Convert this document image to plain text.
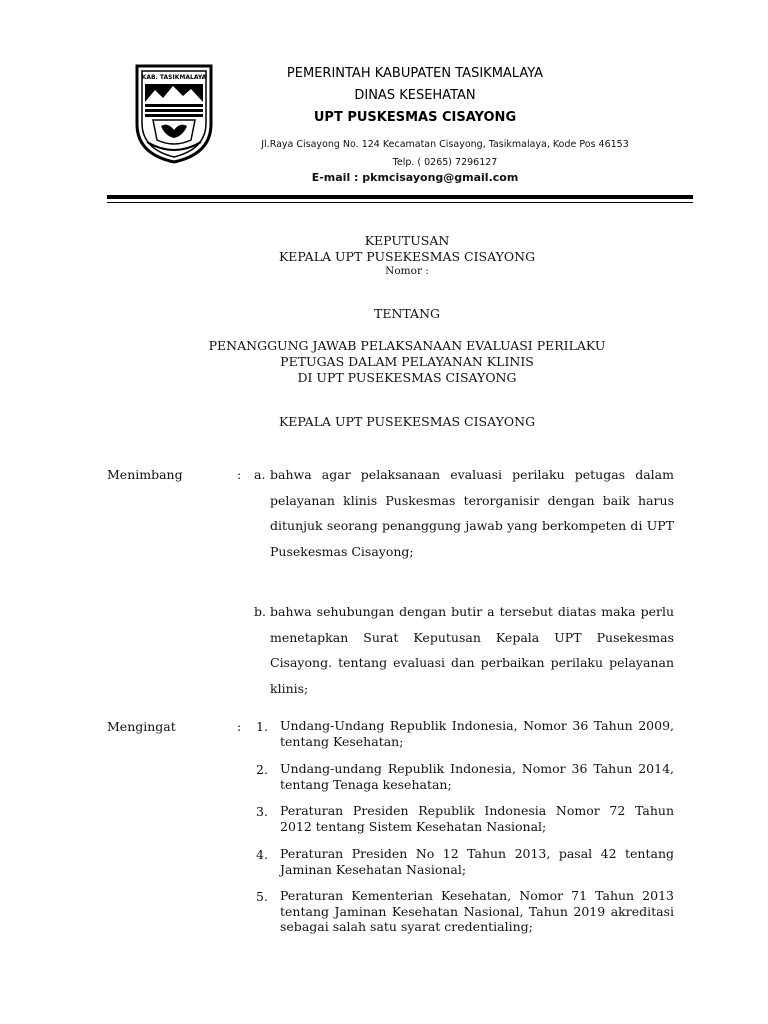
KAB. TASIKMALAYA	PEMERINTAH KABUPATEN TASIKMALAYA
DINAS KESEHATAN
UPT PUSKESMAS CISAYONG
Jl.Raya Cisayong No. 124 Kecamatan Cisayong, Tasikmalaya, Kode Pos 46153
Telp. ( 0265) 7296127
E-mail : pkmcisayong@gmail.com
KEPUTUSAN
KEPALA UPT PUSEKESMAS CISAYONG
Nomor :
TENTANG
PENANGGUNG JAWAB PELAKSANAAN EVALUASI PERILAKU
PETUGAS DALAM PELAYANAN KLINIS
DI UPT PUSEKESMAS CISAYONG
KEPALA UPT PUSEKESMAS CISAYONG
Menimbang	: a. bahwa agar pelaksanaan evaluasi perilaku petugas dalam pelayanan klinis Puskesmas terorganisir dengan baik harus ditunjuk seorang penanggung jawab yang berkompeten di UPT Pusekesmas Cisayong;
b. bahwa sehubungan dengan butir a tersebut diatas maka perlu menetapkan Surat Keputusan Kepala UPT Pusekesmas Cisayong. tentang evaluasi dan perbaikan perilaku pelayanan klinis;
Mengingat	: 1. Undang-Undang Republik Indonesia, Nomor 36 Tahun 2009, tentang Kesehatan;
2. Undang-undang Republik Indonesia, Nomor 36 Tahun 2014, tentang Tenaga kesehatan;
3. Peraturan Presiden Republik Indonesia Nomor 72 Tahun 2012 tentang Sistem Kesehatan Nasional;
4. Peraturan Presiden No 12 Tahun 2013, pasal 42 tentang Jaminan Kesehatan Nasional;
5. Peraturan Kementerian Kesehatan, Nomor 71 Tahun 2013 tentang Jaminan Kesehatan Nasional, Tahun 2019 akreditasi sebagai salah satu syarat credentialing;
